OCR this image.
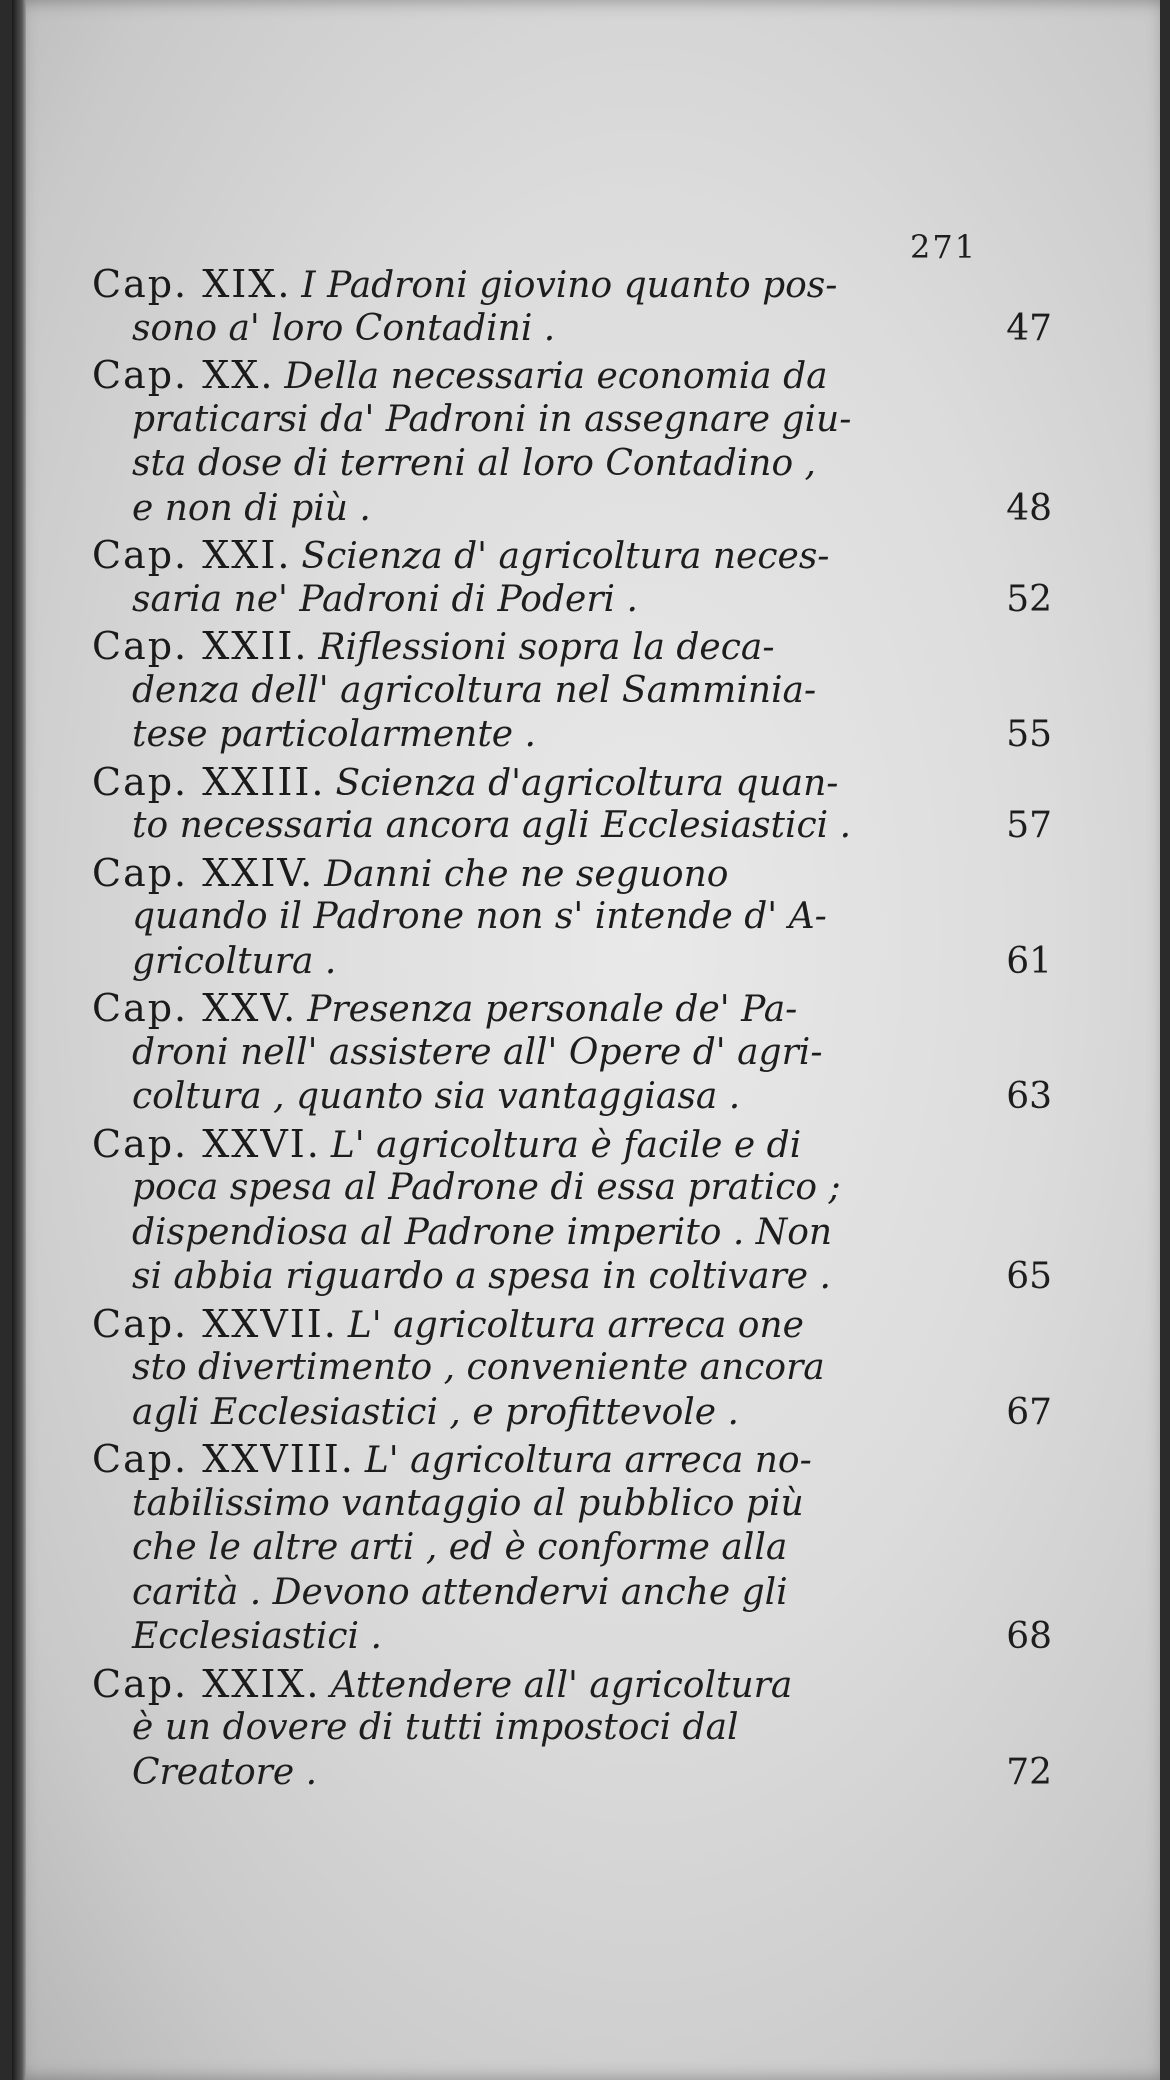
271
Cap. XIX. I Padroni giovino quanto pos-
sono a' loro Contadini .	47
Cap. XX. Della necessaria economia da
praticarsi da' Padroni in assegnare giu-
sta dose di terreni al loro Contadino ,
e non di più .	48
Cap. XXI. Scienza d' agricoltura neces-
saria ne' Padroni di Poderi .	52
Cap. XXII. Riflessioni sopra la deca-
denza dell' agricoltura nel Samminia-
tese particolarmente .	55
Cap. XXIII. Scienza d'agricoltura quan-
to necessaria ancora agli Ecclesiastici .	57
Cap. XXIV. Danni che ne seguono
quando il Padrone non s' intende d' A-
gricoltura .	61
Cap. XXV. Presenza personale de' Pa-
droni nell' assistere all' Opere d' agri-
coltura , quanto sia vantaggiasa .	63
Cap. XXVI. L' agricoltura è facile e di
poca spesa al Padrone di essa pratico ;
dispendiosa al Padrone imperito . Non
si abbia riguardo a spesa in coltivare .	65
Cap. XXVII. L' agricoltura arreca one
sto divertimento , conveniente ancora
agli Ecclesiastici , e profittevole .	67
Cap. XXVIII. L' agricoltura arreca no-
tabilissimo vantaggio al pubblico più
che le altre arti , ed è conforme alla
carità . Devono attendervi anche gli
Ecclesiastici .	68
Cap. XXIX. Attendere all' agricoltura
è un dovere di tutti impostoci dal
Creatore .	72
